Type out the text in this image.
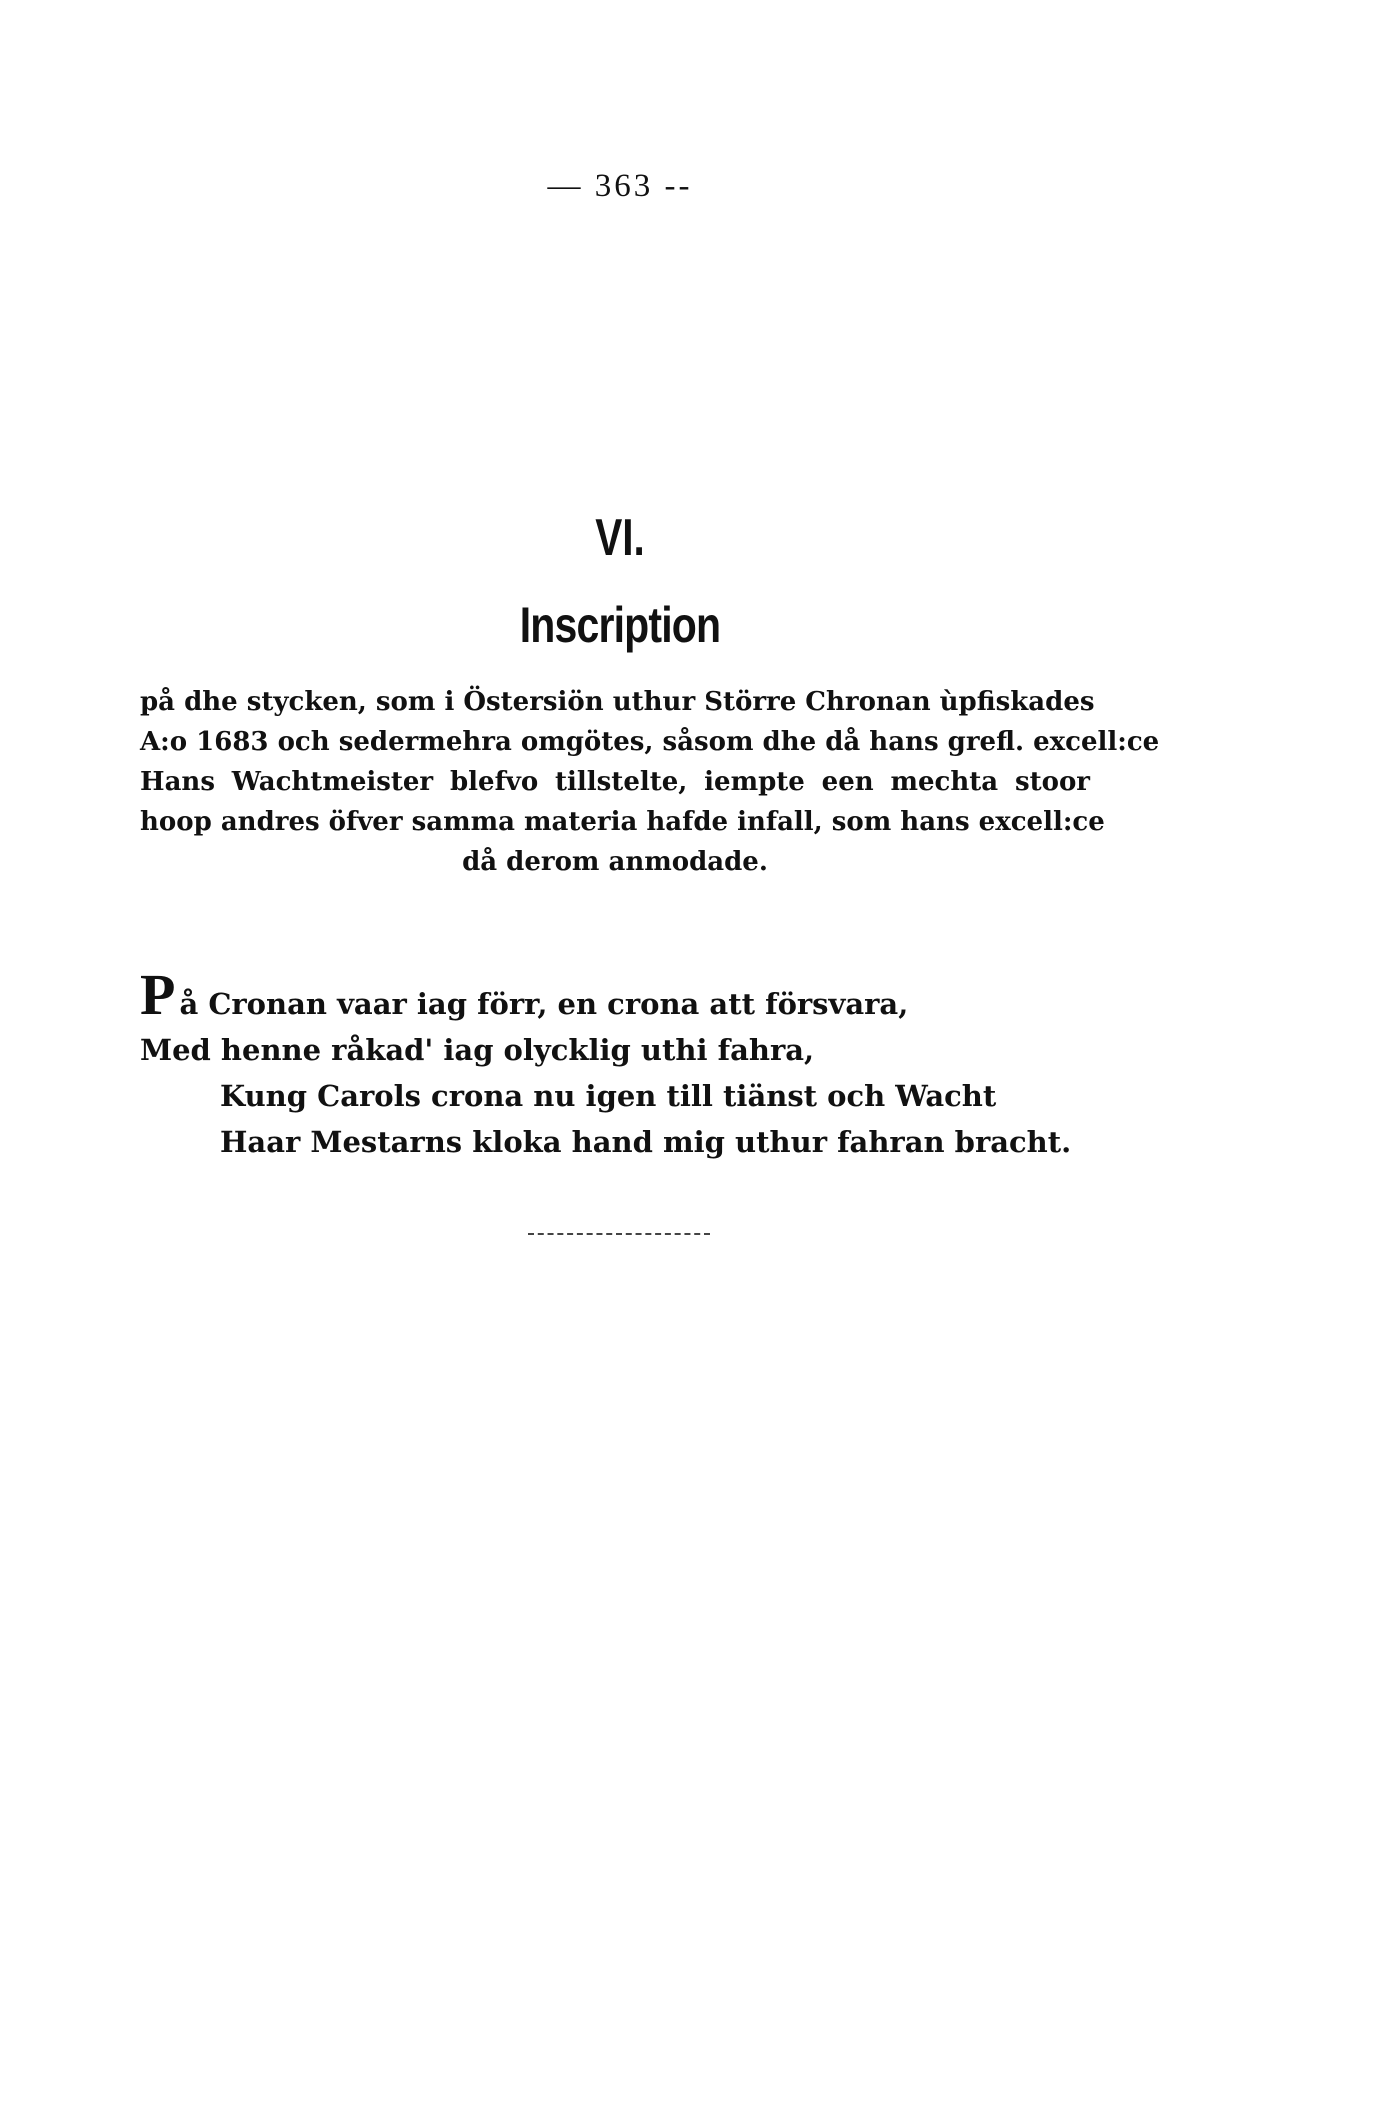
— 363 --
VI.
Inscription
på dhe stycken, som i Östersiön uthur Större Chronan ùpfiskades
A:o 1683 och sedermehra omgötes, såsom dhe då hans grefl. excell:ce
Hans Wachtmeister blefvo tillstelte, iempte een mechta stoor
hoop andres öfver samma materia hafde infall, som hans excell:ce
då derom anmodade.
På Cronan vaar iag förr, en crona att försvara,
Med henne råkad' iag olycklig uthi fahra,
Kung Carols crona nu igen till tiänst och Wacht
Haar Mestarns kloka hand mig uthur fahran bracht.
